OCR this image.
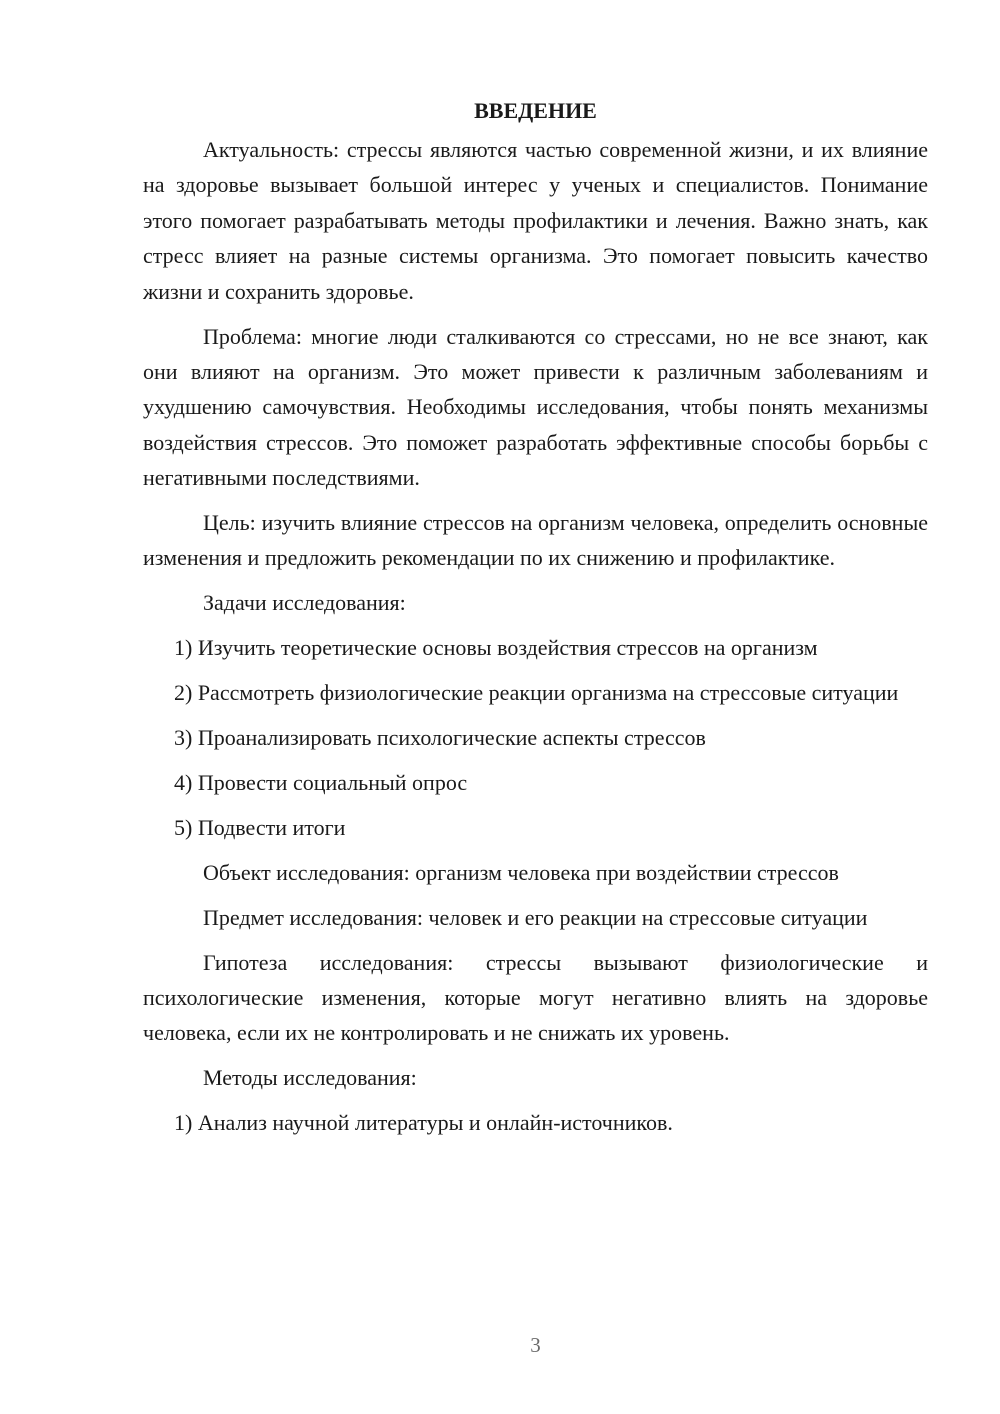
ВВЕДЕНИЕ

Актуальность: стрессы являются частью современной жизни, и их влияние на здоровье вызывает большой интерес у ученых и специалистов. Понимание этого помогает разрабатывать методы профилактики и лечения. Важно знать, как стресс влияет на разные системы организма. Это помогает повысить качество жизни и сохранить здоровье.

Проблема: многие люди сталкиваются со стрессами, но не все знают, как они влияют на организм. Это может привести к различным заболеваниям и ухудшению самочувствия. Необходимы исследования, чтобы понять механизмы воздействия стрессов. Это поможет разработать эффективные способы борьбы с негативными последствиями.

Цель: изучить влияние стрессов на организм человека, определить основные изменения и предложить рекомендации по их снижению и профилактике.

Задачи исследования:

1) Изучить теоретические основы воздействия стрессов на организм

2) Рассмотреть физиологические реакции организма на стрессовые ситуации

3) Проанализировать психологические аспекты стрессов

4) Провести социальный опрос

5) Подвести итоги

Объект исследования: организм человека при воздействии стрессов

Предмет исследования: человек и его реакции на стрессовые ситуации

Гипотеза исследования: стрессы вызывают физиологические и психологические изменения, которые могут негативно влиять на здоровье человека, если их не контролировать и не снижать их уровень.

Методы исследования:

1) Анализ научной литературы и онлайн-источников.

3
